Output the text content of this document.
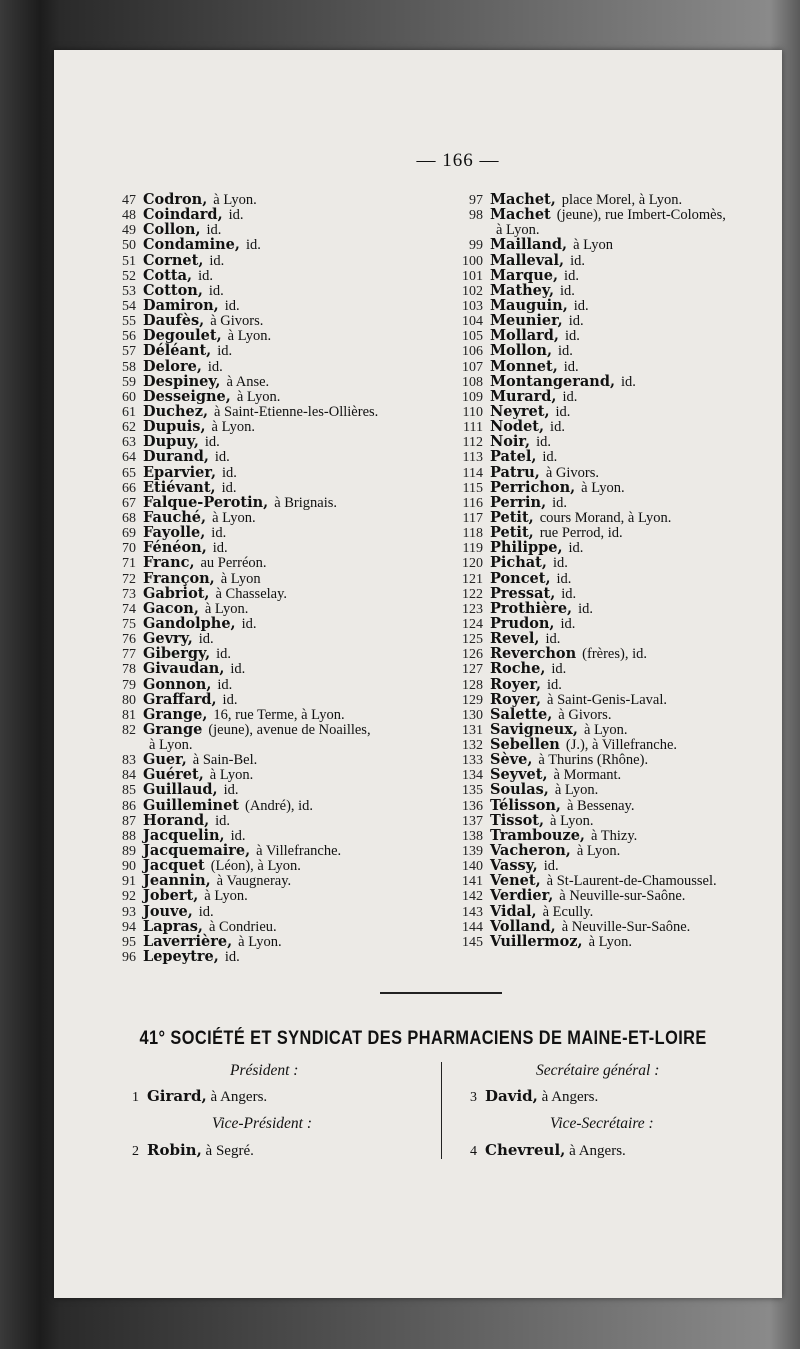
— 166 —
47 Codron, à Lyon.
48 Coindard, id.
49 Collon, id.
50 Condamine, id.
51 Cornet, id.
52 Cotta, id.
53 Cotton, id.
54 Damiron, id.
55 Daufès, à Givors.
56 Degoulet, à Lyon.
57 Déléant, id.
58 Delore, id.
59 Despiney, à Anse.
60 Desseigne, à Lyon.
61 Duchez, à Saint-Etienne-les-Ollières.
62 Dupuis, à Lyon.
63 Dupuy, id.
64 Durand, id.
65 Eparvier, id.
66 Etiévant, id.
67 Falque-Perotin, à Brignais.
68 Fauché, à Lyon.
69 Fayolle, id.
70 Fénéon, id.
71 Franc, au Perréon.
72 Françon, à Lyon
73 Gabriot, à Chasselay.
74 Gacon, à Lyon.
75 Gandolphe, id.
76 Gevry, id.
77 Gibergy, id.
78 Givaudan, id.
79 Gonnon, id.
80 Graffard, id.
81 Grange, 16, rue Terme, à Lyon.
82 Grange (jeune), avenue de Noailles,
à Lyon.
83 Guer, à Sain-Bel.
84 Guéret, à Lyon.
85 Guillaud, id.
86 Guilleminet (André), id.
87 Horand, id.
88 Jacquelin, id.
89 Jacquemaire, à Villefranche.
90 Jacquet (Léon), à Lyon.
91 Jeannin, à Vaugneray.
92 Jobert, à Lyon.
93 Jouve, id.
94 Lapras, à Condrieu.
95 Laverrière, à Lyon.
96 Lepeytre, id.
97 Machet, place Morel, à Lyon.
98 Machet (jeune), rue Imbert-Colomès,
à Lyon.
99 Mailland, à Lyon
100 Malleval, id.
101 Marque, id.
102 Mathey, id.
103 Mauguin, id.
104 Meunier, id.
105 Mollard, id.
106 Mollon, id.
107 Monnet, id.
108 Montangerand, id.
109 Murard, id.
110 Neyret, id.
111 Nodet, id.
112 Noir, id.
113 Patel, id.
114 Patru, à Givors.
115 Perrichon, à Lyon.
116 Perrin, id.
117 Petit, cours Morand, à Lyon.
118 Petit, rue Perrod, id.
119 Philippe, id.
120 Pichat, id.
121 Poncet, id.
122 Pressat, id.
123 Prothière, id.
124 Prudon, id.
125 Revel, id.
126 Reverchon (frères), id.
127 Roche, id.
128 Royer, id.
129 Royer, à Saint-Genis-Laval.
130 Salette, à Givors.
131 Savigneux, à Lyon.
132 Sebellen (J.), à Villefranche.
133 Sève, à Thurins (Rhône).
134 Seyvet, à Mormant.
135 Soulas, à Lyon.
136 Télisson, à Bessenay.
137 Tissot, à Lyon.
138 Trambouze, à Thizy.
139 Vacheron, à Lyon.
140 Vassy, id.
141 Venet, à St-Laurent-de-Chamoussel.
142 Verdier, à Neuville-sur-Saône.
143 Vidal, à Ecully.
144 Volland, à Neuville-Sur-Saône.
145 Vuillermoz, à Lyon.
41° SOCIÉTÉ ET SYNDICAT DES PHARMACIENS DE MAINE-ET-LOIRE
Président :
1 Girard, à Angers.
Vice-Président :
2 Robin, à Segré.
Secrétaire général :
3 David, à Angers.
Vice-Secrétaire :
4 Chevreul, à Angers.
